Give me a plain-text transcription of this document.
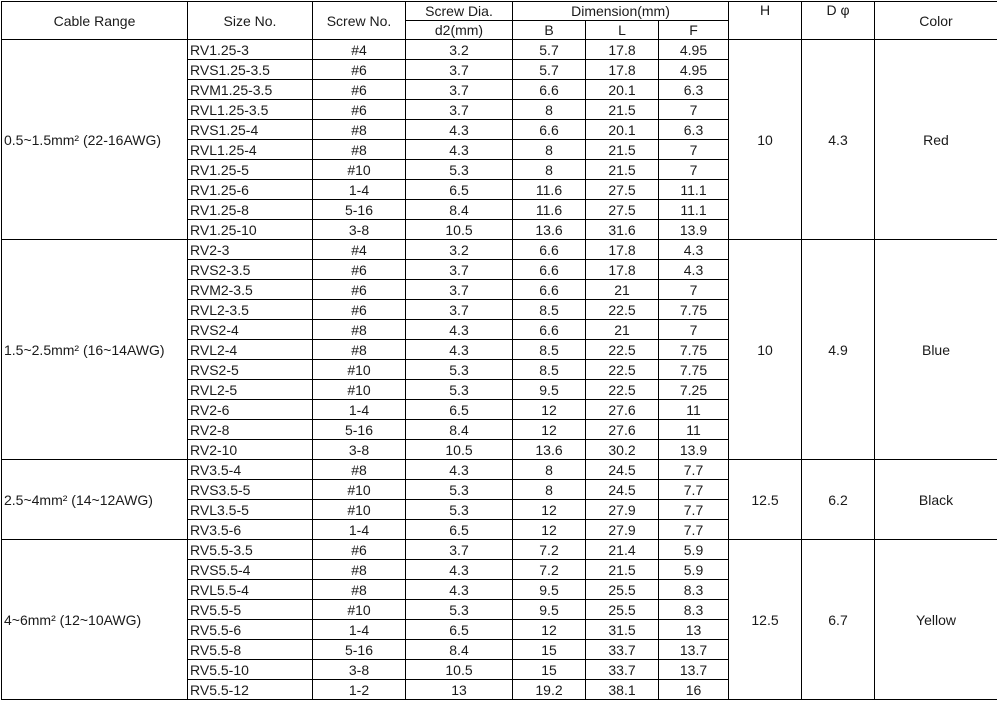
Cable Range	Size No.	Screw No.	Screw Dia.	Dimension(mm)			H	D φ	Color
			d2(mm)	B	L	F			
0.5~1.5mm² (22-16AWG)	RV1.25-3	#4	3.2	5.7	17.8	4.95	10	4.3	Red
	RVS1.25-3.5	#6	3.7	5.7	17.8	4.95			
	RVM1.25-3.5	#6	3.7	6.6	20.1	6.3			
	RVL1.25-3.5	#6	3.7	8	21.5	7			
	RVS1.25-4	#8	4.3	6.6	20.1	6.3			
	RVL1.25-4	#8	4.3	8	21.5	7			
	RV1.25-5	#10	5.3	8	21.5	7			
	RV1.25-6	1-4	6.5	11.6	27.5	11.1			
	RV1.25-8	5-16	8.4	11.6	27.5	11.1			
	RV1.25-10	3-8	10.5	13.6	31.6	13.9			
1.5~2.5mm² (16~14AWG)	RV2-3	#4	3.2	6.6	17.8	4.3	10	4.9	Blue
	RVS2-3.5	#6	3.7	6.6	17.8	4.3			
	RVM2-3.5	#6	3.7	6.6	21	7			
	RVL2-3.5	#6	3.7	8.5	22.5	7.75			
	RVS2-4	#8	4.3	6.6	21	7			
	RVL2-4	#8	4.3	8.5	22.5	7.75			
	RVS2-5	#10	5.3	8.5	22.5	7.75			
	RVL2-5	#10	5.3	9.5	22.5	7.25			
	RV2-6	1-4	6.5	12	27.6	11			
	RV2-8	5-16	8.4	12	27.6	11			
	RV2-10	3-8	10.5	13.6	30.2	13.9			
2.5~4mm² (14~12AWG)	RV3.5-4	#8	4.3	8	24.5	7.7	12.5	6.2	Black
	RVS3.5-5	#10	5.3	8	24.5	7.7			
	RVL3.5-5	#10	5.3	12	27.9	7.7			
	RV3.5-6	1-4	6.5	12	27.9	7.7			
4~6mm² (12~10AWG)	RV5.5-3.5	#6	3.7	7.2	21.4	5.9	12.5	6.7	Yellow
	RVS5.5-4	#8	4.3	7.2	21.5	5.9			
	RVL5.5-4	#8	4.3	9.5	25.5	8.3			
	RV5.5-5	#10	5.3	9.5	25.5	8.3			
	RV5.5-6	1-4	6.5	12	31.5	13			
	RV5.5-8	5-16	8.4	15	33.7	13.7			
	RV5.5-10	3-8	10.5	15	33.7	13.7			
	RV5.5-12	1-2	13	19.2	38.1	16			
